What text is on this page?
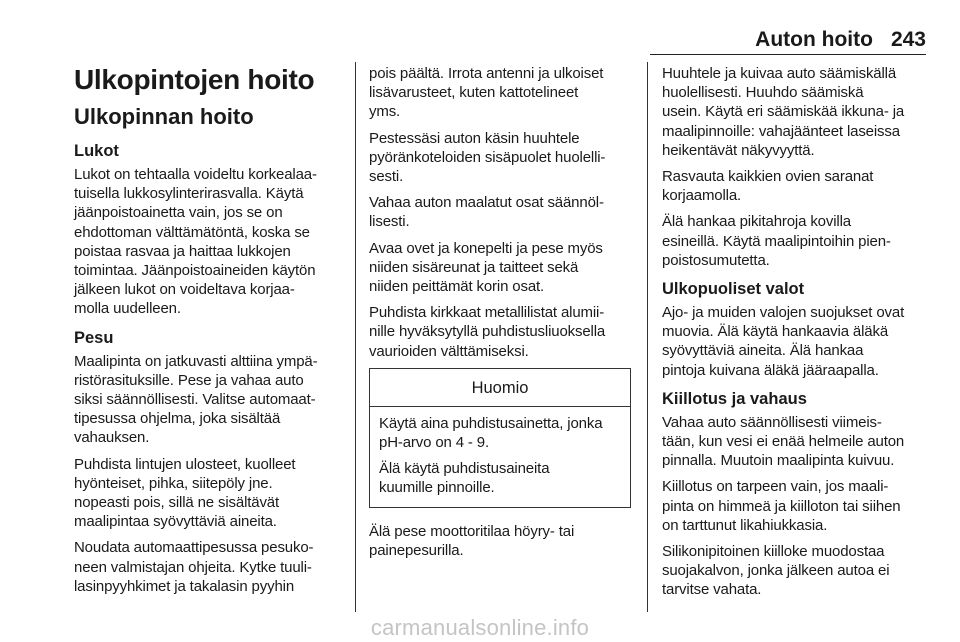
Auton hoito 243
Ulkopintojen hoito
Ulkopinnan hoito
Lukot

Lukot on tehtaalla voideltu korkealaa-
tuisella lukkosylinterirasvalla. Käytä
jäänpoistoainetta vain, jos se on
ehdottoman välttämätöntä, koska se
poistaa rasvaa ja haittaa lukkojen
toimintaa. Jäänpoistoaineiden käytön
jälkeen lukot on voideltava korjaa-
molla uudelleen.

Pesu

Maalipinta on jatkuvasti alttiina ympä-
ristörasituksille. Pese ja vahaa auto
siksi säännöllisesti. Valitse automaat-
tipesussa ohjelma, joka sisältää
vahauksen.

Puhdista lintujen ulosteet, kuolleet
hyönteiset, pihka, siitepöly jne.
nopeasti pois, sillä ne sisältävät
maalipintaa syövyttäviä aineita.

Noudata automaattipesussa pesuko-
neen valmistajan ohjeita. Kytke tuuli-
lasinpyyhkimet ja takalasin pyyhin

pois päältä. Irrota antenni ja ulkoiset
lisävarusteet, kuten kattotelineet
yms.

Pestessäsi auton käsin huuhtele
pyöränkoteloiden sisäpuolet huolelli-
sesti.

Vahaa auton maalatut osat säännöl-
lisesti.

Avaa ovet ja konepelti ja pese myös
niiden sisäreunat ja taitteet sekä
niiden peittämät korin osat.

Puhdista kirkkaat metallilistat alumii-
nille hyväksytyllä puhdistusliuoksella
vaurioiden välttämiseksi.

Huomio

Käytä aina puhdistusainetta, jonka
pH-arvo on 4 - 9.

Älä käytä puhdistusaineita
kuumille pinnoille.

Älä pese moottoritilaa höyry- tai
painepesurilla.

Huuhtele ja kuivaa auto säämiskällä
huolellisesti. Huuhdo säämiskä
usein. Käytä eri säämiskää ikkuna- ja
maalipinnoille: vahajäänteet laseissa
heikentävät näkyvyyttä.

Rasvauta kaikkien ovien saranat
korjaamolla.

Älä hankaa pikitahroja kovilla
esineillä. Käytä maalipintoihin pien-
poistosumutetta.

Ulkopuoliset valot

Ajo- ja muiden valojen suojukset ovat
muovia. Älä käytä hankaavia äläkä
syövyttäviä aineita. Älä hankaa
pintoja kuivana äläkä jääraapalla.

Kiillotus ja vahaus

Vahaa auto säännöllisesti viimeis-
tään, kun vesi ei enää helmeile auton
pinnalla. Muutoin maalipinta kuivuu.

Kiillotus on tarpeen vain, jos maali-
pinta on himmeä ja kiilloton tai siihen
on tarttunut likahiukkasia.

Silikonipitoinen kiilloke muodostaa
suojakalvon, jonka jälkeen autoa ei
tarvitse vahata.

carmanualsonline.info
